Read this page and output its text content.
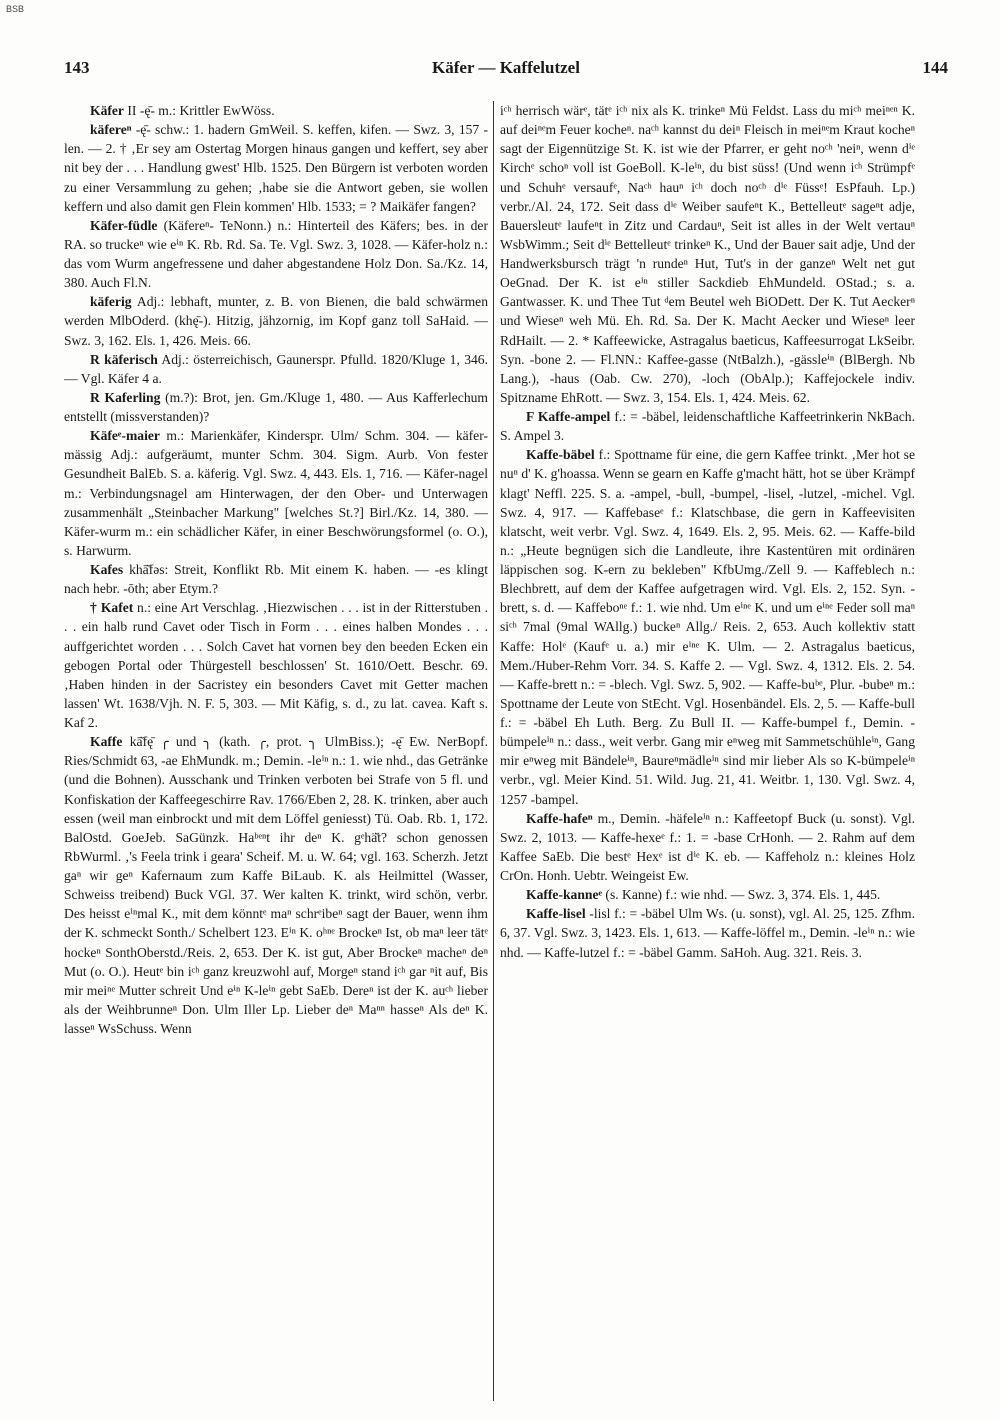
BSB
143	Käfer — Kaffelutzel	144

Käfer II -ę̄- m.: Krittler EwWöss.

käfereⁿ -ę̄- schw.: 1. hadern GmWeil. S. keffen, kifen. — Swz. 3, 157 -len. — 2. † ‚Er sey am Ostertag Morgen hinaus gangen und keffert, sey aber nit bey der . . . Handlung gwest' Hlb. 1525. Den Bürgern ist verboten worden zu einer Versammlung zu gehen; ‚habe sie die Antwort geben, sie wollen keffern und also damit gen Flein kommen' Hlb. 1533; = ? Maikäfer fangen?

Käfer-füdle (Käfereⁿ- TeNonn.) n.: Hinterteil des Käfers; bes. in der RA. so truckeⁿ wie eⁱⁿ K. Rb. Rd. Sa. Te. Vgl. Swz. 3, 1028. — Käfer-holz n.: das vom Wurm angefressene und daher abgestandene Holz Don. Sa./Kz. 14, 380. Auch Fl.N.

käferig Adj.: lebhaft, munter, z. B. von Bienen, die bald schwärmen werden MlbOderd. (khę̄-). Hitzig, jähzornig, im Kopf ganz toll SaHaid. — Swz. 3, 162. Els. 1, 426. Meis. 66.

R käferisch Adj.: österreichisch, Gaunerspr. Pfulld. 1820/Kluge 1, 346. — Vgl. Käfer 4 a.

R Kaferling (m.?): Brot, jen. Gm./Kluge 1, 480. — Aus Kafferlechum entstellt (missverstanden)?

Käfeᵉ-maier m.: Marienkäfer, Kinderspr. Ulm/ Schm. 304. — käfer-mässig Adj.: aufgeräumt, munter Schm. 304. Sigm. Aurb. Von fester Gesundheit BalEb. S. a. käferig. Vgl. Swz. 4, 443. Els. 1, 716. — Käfer-nagel m.: Verbindungsnagel am Hinterwagen, der den Ober- und Unterwagen zusammenhält „Steinbacher Markung" [welches St.?] Birl./Kz. 14, 380. — Käfer-wurm m.: ein schädlicher Käfer, in einer Beschwörungsformel (o. O.), s. Harwurm.

Kafes khā̆fəs: Streit, Konflikt Rb. Mit einem K. haben. — -es klingt nach hebr. -ōth; aber Etym.?

† Kafet n.: eine Art Verschlag. ‚Hiezwischen . . . ist in der Ritterstuben . . . ein halb rund Cavet oder Tisch in Form . . . eines halben Mondes . . . auffgerichtet worden . . . Solch Cavet hat vornen bey den beeden Ecken ein gebogen Portal oder Thürgestell beschlossen' St. 1610/Oett. Beschr. 69. ‚Haben hinden in der Sacristey ein besonders Cavet mit Getter machen lassen' Wt. 1638/Vjh. N. F. 5, 303. — Mit Käfig, s. d., zu lat. cavea. Kaft s. Kaf 2.

Kaffe kā̆fę̄ ╭ und ╮ (kath. ╭, prot. ╮ UlmBiss.); -ę̄ Ew. NerBopf. Ries/Schmidt 63, -ae EhMundk. m.; Demin. -leⁱⁿ n.: 1. wie nhd., das Getränke (und die Bohnen). Ausschank und Trinken verboten bei Strafe von 5 fl. und Konfiskation der Kaffeegeschirre Rav. 1766/Eben 2, 28. K. trinken, aber auch essen (weil man einbrockt und mit dem Löffel geniesst) Tü. Oab. Rb. 1, 172. BalOstd. GoeJeb. SaGünzk. Haᵇᵉⁿt ihr deⁿ K. gᵉhä̆t? schon genossen RbWurml. ‚'s Feela trink i geara' Scheif. M. u. W. 64; vgl. 163. Scherzh. Jetzt gaⁿ wir geⁿ Kafernaum zum Kaffe BiLaub. K. als Heilmittel (Wasser, Schweiss treibend) Buck VGl. 37. Wer kalten K. trinkt, wird schön, verbr. Des heisst eⁱⁿmal K., mit dem könntᵉ maⁿ schrᵉibeⁿ sagt der Bauer, wenn ihm der K. schmeckt Sonth./ Schelbert 123. Eⁱⁿ K. oʰⁿᵉ Brockeⁿ Ist, ob maⁿ leer tätᵉ hockeⁿ SonthOberstd./Reis. 2, 653. Der K. ist gut, Aber Brockeⁿ macheⁿ deⁿ Mut (o. O.). Heutᵉ bin iᶜʰ ganz kreuzwohl auf, Morgeⁿ stand iᶜʰ gar ⁿit auf, Bis mir meiⁿᵉ Mutter schreit Und eⁱⁿ K-leⁱⁿ gebt SaEb. Dereⁿ ist der K. auᶜʰ lieber als der Weihbrunneⁿ Don. Ulm Iller Lp. Lieber deⁿ Maⁿⁿ hasseⁿ Als deⁿ K. lasseⁿ WsSchuss. Wenn

iᶜʰ herrisch wärᵉ, tätᵉ iᶜʰ nix als K. trinkeⁿ Mü Feldst. Lass du miᶜʰ meiⁿᵉⁿ K. auf deiⁿᵉm Feuer kocheⁿ. naᶜʰ kannst du deiⁿ Fleisch in meiⁿᵉm Kraut kocheⁿ sagt der Eigennützige St. K. ist wie der Pfarrer, er geht noᶜʰ 'neiⁿ, wenn dⁱᵉ Kirchᵉ schoⁿ voll ist GoeBoll. K-leⁱⁿ, du bist süss! (Und wenn iᶜʰ Strümpfᵉ und Schuhᵉ versaufᵉ, Naᶜʰ hauⁿ iᶜʰ doch noᶜʰ dⁱᵉ Füssᵉ! EsPfauh. Lp.) verbr./Al. 24, 172. Seit dass dⁱᵉ Weiber saufeⁿt K., Bettelleutᵉ sageⁿt adje, Bauersleutᵉ laufeⁿt in Zitz und Cardauⁿ, Seit ist alles in der Welt vertauⁿ WsbWimm.; Seit dⁱᵉ Bettelleutᵉ trinkeⁿ K., Und der Bauer sait adje, Und der Handwerksbursch trägt 'n rundeⁿ Hut, Tut's in der ganzeⁿ Welt net gut OeGnad. Der K. ist eⁱⁿ stiller Sackdieb EhMundeld. OStad.; s. a. Gantwasser. K. und Thee Tut ᵈem Beutel weh BiODett. Der K. Tut Aeckerⁿ und Wieseⁿ weh Mü. Eh. Rd. Sa. Der K. Macht Aecker und Wieseⁿ leer RdHailt. — 2. * Kaffeewicke, Astragalus baeticus, Kaffeesurrogat LkSeibr. Syn. -bone 2. — Fl.NN.: Kaffee-gasse (NtBalzh.), -gässleⁱⁿ (BlBergh. Nb Lang.), -haus (Oab. Cw. 270), -loch (ObAlp.); Kaffejockele indiv. Spitzname EhRott. — Swz. 3, 154. Els. 1, 424. Meis. 62.

F Kaffe-ampel f.: = -bäbel, leidenschaftliche Kaffeetrinkerin NkBach. S. Ampel 3.

Kaffe-bäbel f.: Spottname für eine, die gern Kaffee trinkt. ‚Mer hot se nuⁿ d' K. g'hoassa. Wenn se gearn en Kaffe g'macht hätt, hot se über Krämpf klagt' Neffl. 225. S. a. -ampel, -bull, -bumpel, -lisel, -lutzel, -michel. Vgl. Swz. 4, 917. — Kaffebaseᵉ f.: Klatschbase, die gern in Kaffeevisiten klatscht, weit verbr. Vgl. Swz. 4, 1649. Els. 2, 95. Meis. 62. — Kaffe-bild n.: „Heute begnügen sich die Landleute, ihre Kastentüren mit ordinären läppischen sog. K-ern zu bekleben" KfbUmg./Zell 9. — Kaffeblech n.: Blechbrett, auf dem der Kaffee aufgetragen wird. Vgl. Els. 2, 152. Syn. -brett, s. d. — Kaffeboⁿᵉ f.: 1. wie nhd. Um eⁱⁿᵉ K. und um eⁱⁿᵉ Feder soll maⁿ siᶜʰ 7mal (9mal WAllg.) buckeⁿ Allg./ Reis. 2, 653. Auch kollektiv statt Kaffe: Holᵉ (Kaufᵉ u. a.) mir eⁱⁿᵉ K. Ulm. — 2. Astragalus baeticus, Mem./Huber-Rehm Vorr. 34. S. Kaffe 2. — Vgl. Swz. 4, 1312. Els. 2. 54. — Kaffe-brett n.: = -blech. Vgl. Swz. 5, 902. — Kaffe-buᵇᵉ, Plur. -bubeⁿ m.: Spottname der Leute von StEcht. Vgl. Hosenbändel. Els. 2, 5. — Kaffe-bull f.: = -bäbel Eh Luth. Berg. Zu Bull II. — Kaffe-bumpel f., Demin. -bümpeleⁱⁿ n.: dass., weit verbr. Gang mir eⁿweg mit Sammetschühleⁱⁿ, Gang mir eⁿweg mit Bändeleⁱⁿ, Baureⁿmädleⁱⁿ sind mir lieber Als so K-bümpeleⁱⁿ verbr., vgl. Meier Kind. 51. Wild. Jug. 21, 41. Weitbr. 1, 130. Vgl. Swz. 4, 1257 -bampel.

Kaffe-hafeⁿ m., Demin. -häfeleⁱⁿ n.: Kaffeetopf Buck (u. sonst). Vgl. Swz. 2, 1013. — Kaffe-hexeᵉ f.: 1. = -base CrHonh. — 2. Rahm auf dem Kaffee SaEb. Die bestᵉ Hexᵉ ist dⁱᵉ K. eb. — Kaffeholz n.: kleines Holz CrOn. Honh. Uebtr. Weingeist Ew.

Kaffe-kanneᵉ (s. Kanne) f.: wie nhd. — Swz. 3, 374. Els. 1, 445.

Kaffe-lisel -lisl f.: = -bäbel Ulm Ws. (u. sonst), vgl. Al. 25, 125. Zfhm. 6, 37. Vgl. Swz. 3, 1423. Els. 1, 613. — Kaffe-löffel m., Demin. -leⁱⁿ n.: wie nhd. — Kaffe-lutzel f.: = -bäbel Gamm. SaHoh. Aug. 321. Reis. 3.
